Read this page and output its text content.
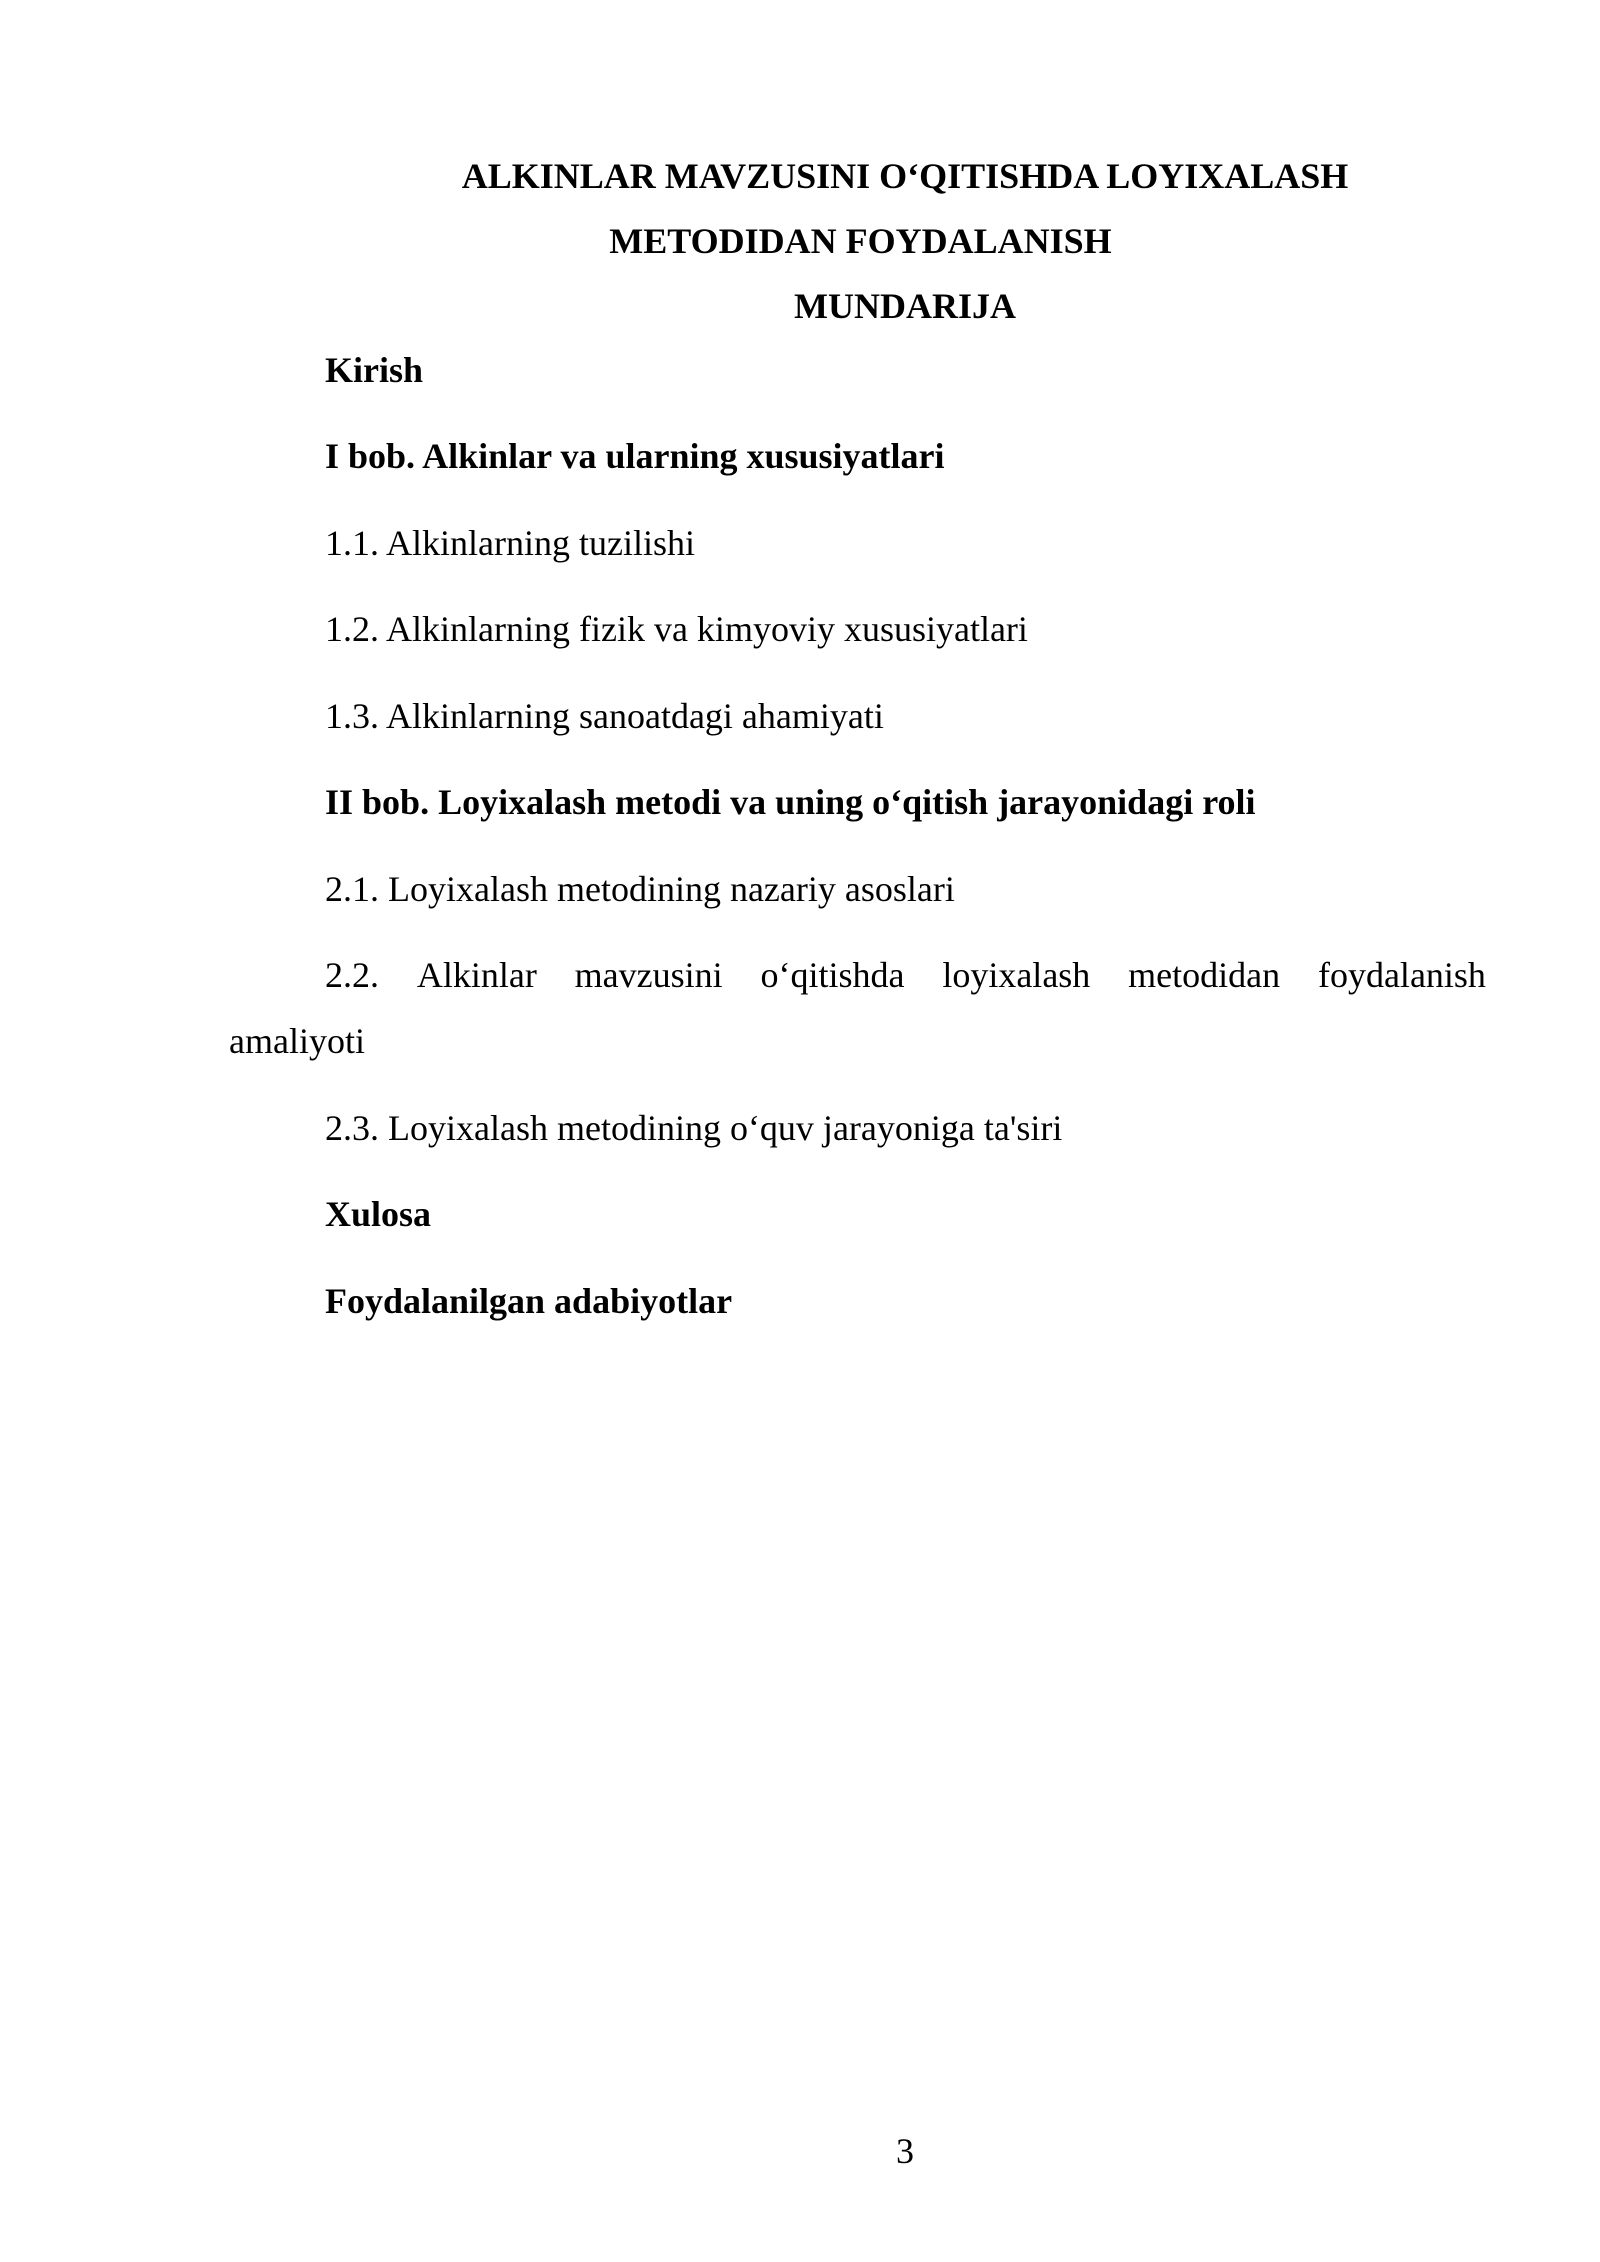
ALKINLAR MAVZUSINI O‘QITISHDA LOYIXALASH
METODIDAN FOYDALANISH
MUNDARIJA
Kirish
I bob. Alkinlar va ularning xususiyatlari
1.1. Alkinlarning tuzilishi
1.2. Alkinlarning fizik va kimyoviy xususiyatlari
1.3. Alkinlarning sanoatdagi ahamiyati
II bob. Loyixalash metodi va uning o‘qitish jarayonidagi roli
2.1. Loyixalash metodining nazariy asoslari
2.2. Alkinlar mavzusini o‘qitishda loyixalash metodidan foydalanish
amaliyoti
2.3. Loyixalash metodining o‘quv jarayoniga ta'siri
Xulosa
Foydalanilgan adabiyotlar
3
